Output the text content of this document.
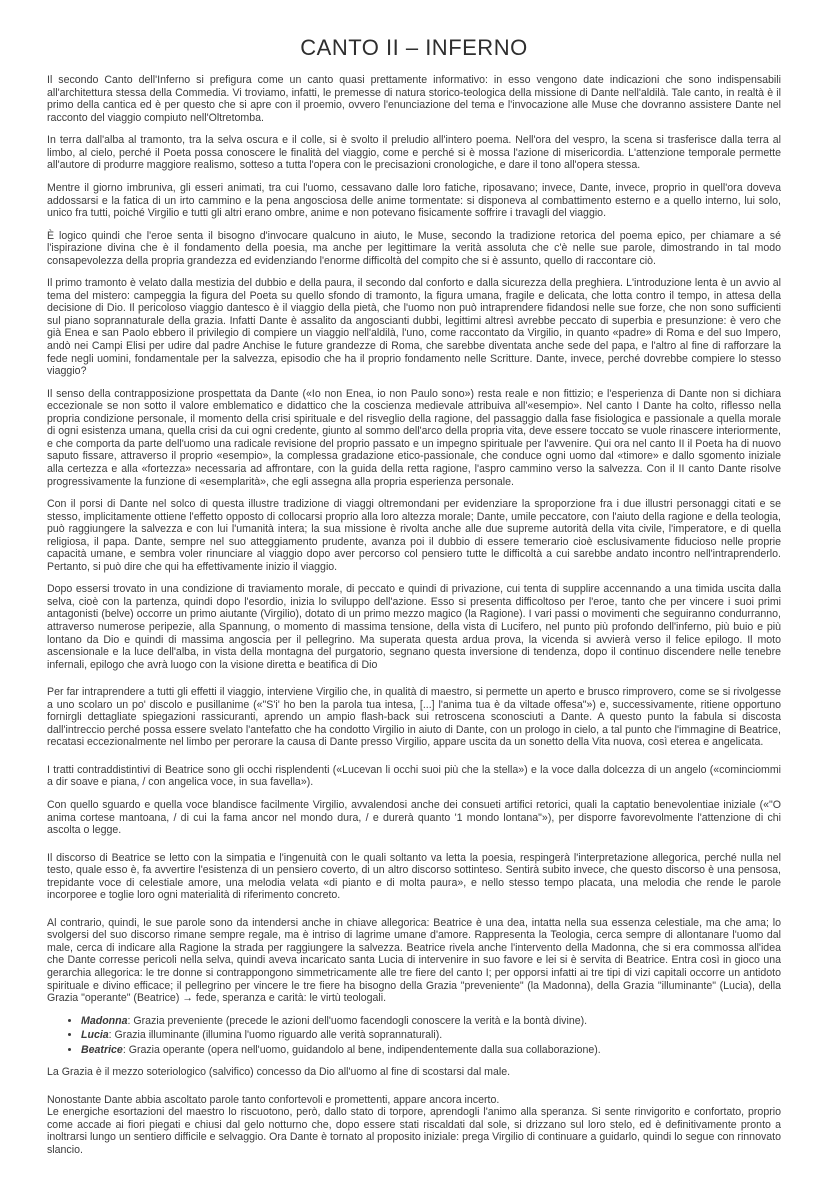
CANTO II – INFERNO

Il secondo Canto dell'Inferno si prefigura come un canto quasi prettamente informativo: in esso vengono date indicazioni che sono indispensabili all'architettura stessa della Commedia. Vi troviamo, infatti, le premesse di natura storico-teologica della missione di Dante nell'aldilà. Tale canto, in realtà è il primo della cantica ed è per questo che si apre con il proemio, ovvero l'enunciazione del tema e l'invocazione alle Muse che dovranno assistere Dante nel racconto del viaggio compiuto nell'Oltretomba.

In terra dall'alba al tramonto, tra la selva oscura e il colle, si è svolto il preludio all'intero poema. Nell'ora del vespro, la scena si trasferisce dalla terra al limbo, al cielo, perché il Poeta possa conoscere le finalità del viaggio, come e perché si è mossa l'azione di misericordia. L'attenzione temporale permette all'autore di produrre maggiore realismo, sotteso a tutta l'opera con le precisazioni cronologiche, e dare il tono all'opera stessa.

Mentre il giorno imbruniva, gli esseri animati, tra cui l'uomo, cessavano dalle loro fatiche, riposavano; invece, Dante, invece, proprio in quell'ora doveva addossarsi e la fatica di un irto cammino e la pena angosciosa delle anime tormentate: si disponeva al combattimento esterno e a quello interno, lui solo, unico fra tutti, poiché Virgilio e tutti gli altri erano ombre, anime e non potevano fisicamente soffrire i travagli del viaggio.

È logico quindi che l'eroe senta il bisogno d'invocare qualcuno in aiuto, le Muse, secondo la tradizione retorica del poema epico, per chiamare a sé l'ispirazione divina che è il fondamento della poesia, ma anche per legittimare la verità assoluta che c'è nelle sue parole, dimostrando in tal modo consapevolezza della propria grandezza ed evidenziando l'enorme difficoltà del compito che si è assunto, quello di raccontare ciò.

Il primo tramonto è velato dalla mestizia del dubbio e della paura, il secondo dal conforto e dalla sicurezza della preghiera. L'introduzione lenta è un avvio al tema del mistero: campeggia la figura del Poeta su quello sfondo di tramonto, la figura umana, fragile e delicata, che lotta contro il tempo, in attesa della decisione di Dio. Il pericoloso viaggio dantesco è il viaggio della pietà, che l'uomo non può intraprendere fidandosi nelle sue forze, che non sono sufficienti sul piano soprannaturale della grazia. Infatti Dante è assalito da angoscianti dubbi, legittimi altresì avrebbe peccato di superbia e presunzione: è vero che già Enea e san Paolo ebbero il privilegio di compiere un viaggio nell'aldilà, l'uno, come raccontato da Virgilio, in quanto «padre» di Roma e del suo Impero, andò nei Campi Elisi per udire dal padre Anchise le future grandezze di Roma, che sarebbe diventata anche sede del papa, e l'altro al fine di rafforzare la fede negli uomini, fondamentale per la salvezza, episodio che ha il proprio fondamento nelle Scritture. Dante, invece, perché dovrebbe compiere lo stesso viaggio?

Il senso della contrapposizione prospettata da Dante («Io non Enea, io non Paulo sono») resta reale e non fittizio; e l'esperienza di Dante non si dichiara eccezionale se non sotto il valore emblematico e didattico che la coscienza medievale attribuiva all'«esempio». Nel canto I Dante ha colto, riflesso nella propria condizione personale, il momento della crisi spirituale e del risveglio della ragione, del passaggio dalla fase fisiologica e passionale a quella morale di ogni esistenza umana, quella crisi da cui ogni credente, giunto al sommo dell'arco della propria vita, deve essere toccato se vuole rinascere interiormente, e che comporta da parte dell'uomo una radicale revisione del proprio passato e un impegno spirituale per l'avvenire. Qui ora nel canto II il Poeta ha di nuovo saputo fissare, attraverso il proprio «esempio», la complessa gradazione etico-passionale, che conduce ogni uomo dal «timore» e dallo sgomento iniziale alla certezza e alla «fortezza» necessaria ad affrontare, con la guida della retta ragione, l'aspro cammino verso la salvezza. Con il II canto Dante risolve progressivamente la funzione di «esemplarità», che egli assegna alla propria esperienza personale.

Con il porsi di Dante nel solco di questa illustre tradizione di viaggi oltremondani per evidenziare la sproporzione fra i due illustri personaggi citati e se stesso, implicitamente ottiene l'effetto opposto di collocarsi proprio alla loro altezza morale; Dante, umile peccatore, con l'aiuto della ragione e della teologia, può raggiungere la salvezza e con lui l'umanità intera; la sua missione è rivolta anche alle due supreme autorità della vita civile, l'imperatore, e di quella religiosa, il papa. Dante, sempre nel suo atteggiamento prudente, avanza poi il dubbio di essere temerario cioè esclusivamente fiducioso nelle proprie capacità umane, e sembra voler rinunciare al viaggio dopo aver percorso col pensiero tutte le difficoltà a cui sarebbe andato incontro nell'intraprenderlo. Pertanto, si può dire che qui ha effettivamente inizio il viaggio.

Dopo essersi trovato in una condizione di traviamento morale, di peccato e quindi di privazione, cui tenta di supplire accennando a una timida uscita dalla selva, cioè con la partenza, quindi dopo l'esordio, inizia lo sviluppo dell'azione. Esso si presenta difficoltoso per l'eroe, tanto che per vincere i suoi primi antagonisti (belve) occorre un primo aiutante (Virgilio), dotato di un primo mezzo magico (la Ragione). I vari passi o movimenti che seguiranno condurranno, attraverso numerose peripezie, alla Spannung, o momento di massima tensione, della vista di Lucifero, nel punto più profondo dell'inferno, più buio e più lontano da Dio e quindi di massima angoscia per il pellegrino. Ma superata questa ardua prova, la vicenda si avvierà verso il felice epilogo. Il moto ascensionale e la luce dell'alba, in vista della montagna del purgatorio, segnano questa inversione di tendenza, dopo il continuo discendere nelle tenebre infernali, epilogo che avrà luogo con la visione diretta e beatifica di Dio

Per far intraprendere a tutti gli effetti il viaggio, interviene Virgilio che, in qualità di maestro, si permette un aperto e brusco rimprovero, come se si rivolgesse a uno scolaro un po' discolo e pusillanime («"S'i' ho ben la parola tua intesa, [...] l'anima tua è da viltade offesa"») e, successivamente, ritiene opportuno fornirgli dettagliate spiegazioni rassicuranti, aprendo un ampio flash-back sui retroscena sconosciuti a Dante. A questo punto la fabula si discosta dall'intreccio perché possa essere svelato l'antefatto che ha condotto Virgilio in aiuto di Dante, con un prologo in cielo, a tal punto che l'immagine di Beatrice, recatasi eccezionalmente nel limbo per perorare la causa di Dante presso Virgilio, appare uscita da un sonetto della Vita nuova, così eterea e angelicata.

I tratti contraddistintivi di Beatrice sono gli occhi risplendenti («Lucevan li occhi suoi più che la stella») e la voce dalla dolcezza di un angelo («cominciommi a dir soave e piana, / con angelica voce, in sua favella»).

Con quello sguardo e quella voce blandisce facilmente Virgilio, avvalendosi anche dei consueti artifici retorici, quali la captatio benevolentiae iniziale («"O anima cortese mantoana, / di cui la fama ancor nel mondo dura, / e durerà quanto '1 mondo lontana"»), per disporre favorevolmente l'attenzione di chi ascolta o legge.

Il discorso di Beatrice se letto con la simpatia e l'ingenuità con le quali soltanto va letta la poesia, respingerà l'interpretazione allegorica, perché nulla nel testo, quale esso è, fa avvertire l'esistenza di un pensiero coverto, di un altro discorso sottinteso. Sentirà subito invece, che questo discorso è una pensosa, trepidante voce di celestiale amore, una melodia velata «di pianto e di molta paura», e nello stesso tempo placata, una melodia che rende le parole incorporee e toglie loro ogni materialità di riferimento concreto.

Al contrario, quindi, le sue parole sono da intendersi anche in chiave allegorica: Beatrice è una dea, intatta nella sua essenza celestiale, ma che ama; lo svolgersi del suo discorso rimane sempre regale, ma è intriso di lagrime umane d'amore. Rappresenta la Teologia, cerca sempre di allontanare l'uomo dal male, cerca di indicare alla Ragione la strada per raggiungere la salvezza. Beatrice rivela anche l'intervento della Madonna, che si era commossa all'idea che Dante corresse pericoli nella selva, quindi aveva incaricato santa Lucia di intervenire in suo favore e lei si è servita di Beatrice. Entra così in gioco una gerarchia allegorica: le tre donne si contrappongono simmetricamente alle tre fiere del canto I; per opporsi infatti ai tre tipi di vizi capitali occorre un antidoto spirituale e divino efficace; il pellegrino per vincere le tre fiere ha bisogno della Grazia "preveniente" (la Madonna), della Grazia "illuminante" (Lucia), della Grazia "operante" (Beatrice) → fede, speranza e carità: le virtù teologali.

• Madonna: Grazia preveniente (precede le azioni dell'uomo facendogli conoscere la verità e la bontà divine).
• Lucia: Grazia illuminante (illumina l'uomo riguardo alle verità soprannaturali).
• Beatrice: Grazia operante (opera nell'uomo, guidandolo al bene, indipendentemente dalla sua collaborazione).

La Grazia è il mezzo soteriologico (salvifico) concesso da Dio all'uomo al fine di scostarsi dal male.

Nonostante Dante abbia ascoltato parole tanto confortevoli e promettenti, appare ancora incerto.

Le energiche esortazioni del maestro lo riscuotono, però, dallo stato di torpore, aprendogli l'animo alla speranza. Si sente rinvigorito e confortato, proprio come accade ai fiori piegati e chiusi dal gelo notturno che, dopo essere stati riscaldati dal sole, si drizzano sul loro stelo, ed è definitivamente pronto a inoltrarsi lungo un sentiero difficile e selvaggio. Ora Dante è tornato al proposito iniziale: prega Virgilio di continuare a guidarlo, quindi lo segue con rinnovato slancio.
